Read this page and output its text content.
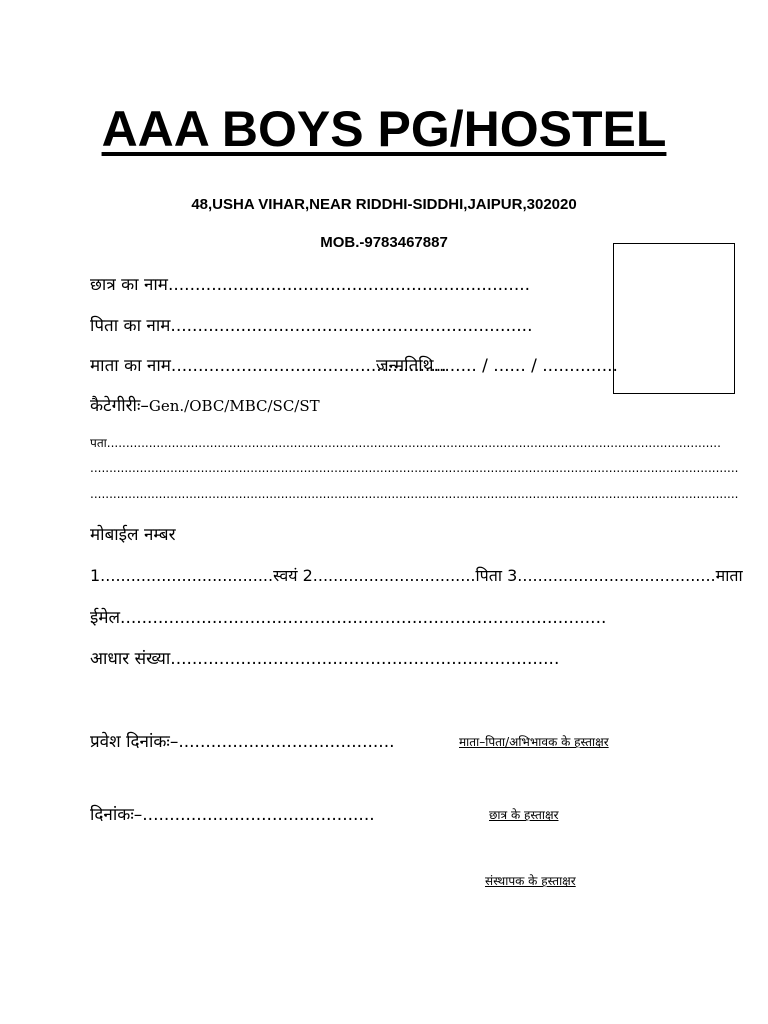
AAA BOYS PG/HOSTEL
48,USHA VIHAR,NEAR RIDDHI-SIDDHI,JAIPUR,302020
MOB.-9783467887
छात्र का नाम...................................................................
पिता का नाम...................................................................
माता का नाम...................................................
जन्मतिथि........ / ...... / ..............
कैटेगीरीः–Gen./OBC/MBC/SC/ST
पता.................................................................................................................................................................
..........................................................................................................................................................................
..........................................................................................................................................................................
मोबाईल नम्बर
1..................................स्वयं 2................................पिता 3.......................................माता
ईमेल..........................................................................................
आधार संख्या........................................................................
प्रवेश दिनांकः–........................................	माता–पिता/अभिभावक के हस्ताक्षर
दिनांकः–...........................................	छात्र के हस्ताक्षर
संस्थापक के हस्ताक्षर
